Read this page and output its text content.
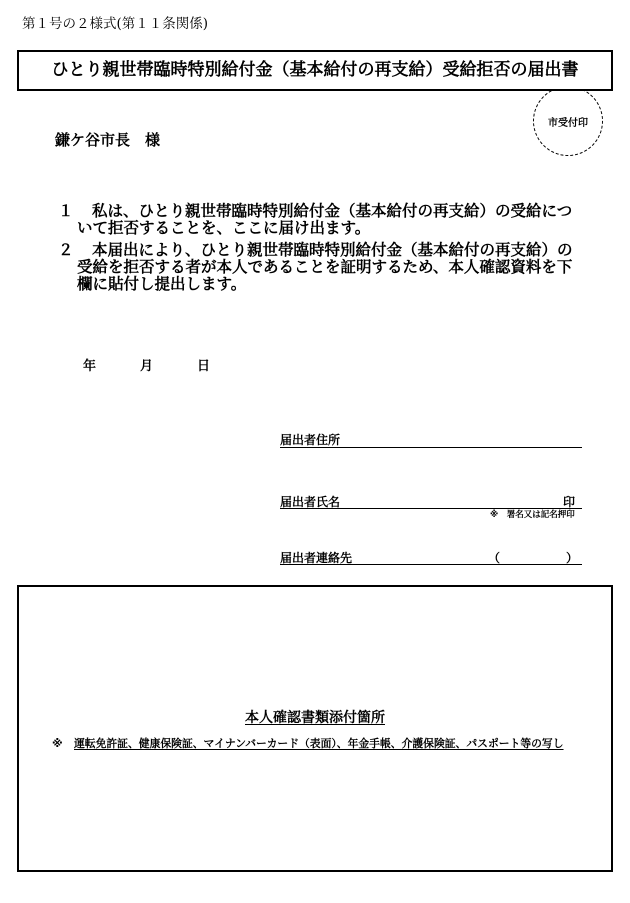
第１号の２様式(第１１条関係)
ひとり親世帯臨時特別給付金（基本給付の再支給）受給拒否の届出書
市受付印
鎌ケ谷市長　様
１ 私は、ひとり親世帯臨時特別給付金（基本給付の再支給）の受給につ
いて拒否することを、ここに届け出ます。
２ 本届出により、ひとり親世帯臨時特別給付金（基本給付の再支給）の
受給を拒否する者が本人であることを証明するため、本人確認資料を下
欄に貼付し提出します。
年	月	日
届出者住所
届出者氏名	印
※　署名又は記名押印
届出者連絡先	（	）
本人確認書類添付箇所
※ 運転免許証、健康保険証、マイナンバーカード（表面）、年金手帳、介護保険証、パスポート等の写し
